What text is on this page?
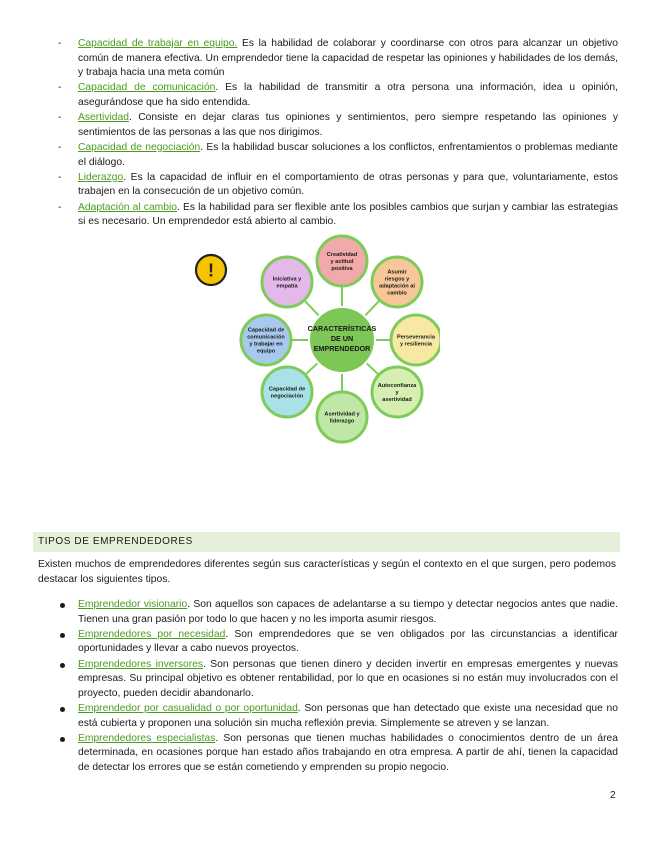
- Capacidad de trabajar en equipo. Es la habilidad de colaborar y coordinarse con otros para alcanzar un objetivo común de manera efectiva. Un emprendedor tiene la capacidad de respetar las opiniones y habilidades de los demás, y trabaja hacia una meta común
- Capacidad de comunicación. Es la habilidad de transmitir a otra persona una información, idea u opinión, asegurándose que ha sido entendida.
- Asertividad. Consiste en dejar claras tus opiniones y sentimientos, pero siempre respetando las opiniones y sentimientos de las personas a las que nos dirigimos.
- Capacidad de negociación. Es la habilidad buscar soluciones a los conflictos, enfrentamientos o problemas mediante el diálogo.
- Liderazgo. Es la capacidad de influir en el comportamiento de otras personas y para que, voluntariamente, estos trabajen en la consecución de un objetivo común.
- Adaptación al cambio. Es la habilidad para ser flexible ante los posibles cambios que surjan y cambiar las estrategias si es necesario. Un emprendedor está abierto al cambio.
Creatividad
y actitud
positiva
Asumir
riesgos y
adaptación al
cambio
Perseverancia
y resiliencia
Autoconfianza
y
asertividad
Asertividad y
liderazgo
Capacidad de
negociación
Capacidad de
comunicación
y trabajar en
equipo
Iniciativa y
empatía
CARACTERÍSTICAS
DE UN
EMPRENDEDOR
!
TIPOS DE EMPRENDEDORES

Existen muchos de emprendedores diferentes según sus características y según el contexto en el que surgen, pero podemos destacar los siguientes tipos.

Emprendedor visionario. Son aquellos son capaces de adelantarse a su tiempo y detectar negocios antes que nadie. Tienen una gran pasión por todo lo que hacen y no les importa asumir riesgos.
Emprendedores por necesidad. Son emprendedores que se ven obligados por las circunstancias a identificar oportunidades y llevar a cabo nuevos proyectos.
Emprendedores inversores. Son personas que tienen dinero y deciden invertir en empresas emergentes y nuevas empresas. Su principal objetivo es obtener rentabilidad, por lo que en ocasiones si no están muy involucrados con el proyecto, pueden decidir abandonarlo.
Emprendedor por casualidad o por oportunidad. Son personas que han detectado que existe una necesidad que no está cubierta y proponen una solución sin mucha reflexión previa. Simplemente se atreven y se lanzan.
Emprendedores especialistas. Son personas que tienen muchas habilidades o conocimientos dentro de un área determinada, en ocasiones porque han estado años trabajando en otra empresa. A partir de ahí, tienen la capacidad de detectar los errores que se están cometiendo y emprenden su propio negocio.
2
